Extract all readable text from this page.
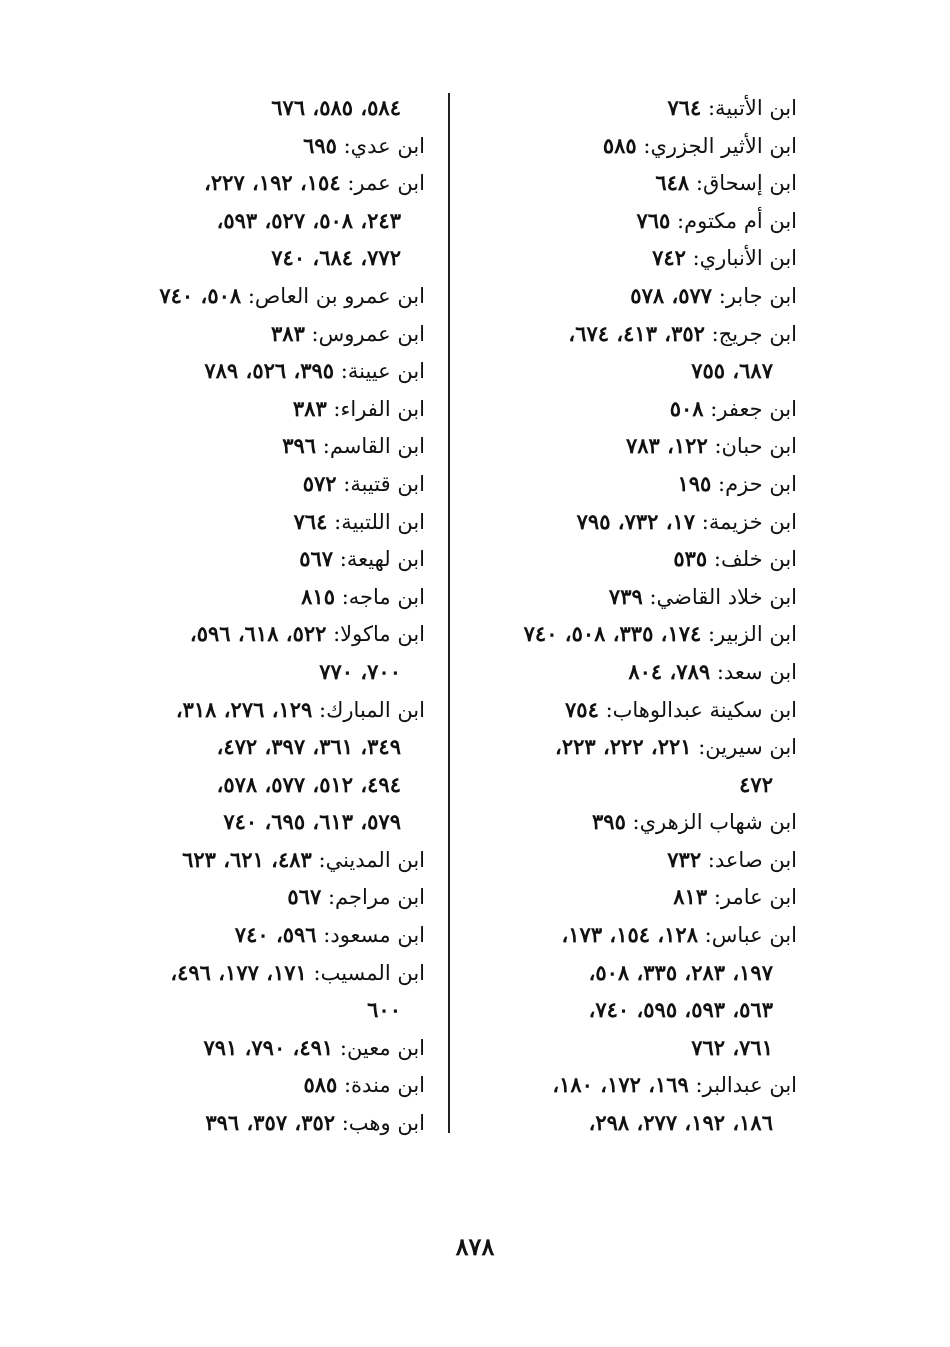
ابن الأتبية: ٧٦٤
ابن الأثير الجزري: ٥٨٥
ابن إسحاق: ٦٤٨
ابن أم مكتوم: ٧٦٥
ابن الأنباري: ٧٤٢
ابن جابر: ٥٧٧، ٥٧٨
ابن جريج: ٣٥٢، ٤١٣، ٦٧٤،
٦٨٧، ٧٥٥
ابن جعفر: ٥٠٨
ابن حبان: ١٢٢، ٧٨٣
ابن حزم: ١٩٥
ابن خزيمة: ١٧، ٧٣٢، ٧٩٥
ابن خلف: ٥٣٥
ابن خلاد القاضي: ٧٣٩
ابن الزبير: ١٧٤، ٣٣٥، ٥٠٨، ٧٤٠
ابن سعد: ٧٨٩، ٨٠٤
ابن سكينة عبدالوهاب: ٧٥٤
ابن سيرين: ٢٢١، ٢٢٢، ٢٢٣،
٤٧٢
ابن شهاب الزهري: ٣٩٥
ابن صاعد: ٧٣٢
ابن عامر: ٨١٣
ابن عباس: ١٢٨، ١٥٤، ١٧٣،
١٩٧، ٢٨٣، ٣٣٥، ٥٠٨،
٥٦٣، ٥٩٣، ٥٩٥، ٧٤٠،
٧٦١، ٧٦٢
ابن عبدالبر: ١٦٩، ١٧٢، ١٨٠،
١٨٦، ١٩٢، ٢٧٧، ٢٩٨،
٥٨٤، ٥٨٥، ٦٧٦
ابن عدي: ٦٩٥
ابن عمر: ١٥٤، ١٩٢، ٢٢٧،
٢٤٣، ٥٠٨، ٥٢٧، ٥٩٣،
٧٧٢، ٦٨٤، ٧٤٠
ابن عمرو بن العاص: ٥٠٨، ٧٤٠
ابن عمروس: ٣٨٣
ابن عيينة: ٣٩٥، ٥٢٦، ٧٨٩
ابن الفراء: ٣٨٣
ابن القاسم: ٣٩٦
ابن قتيبة: ٥٧٢
ابن اللتبية: ٧٦٤
ابن لهيعة: ٥٦٧
ابن ماجه: ٨١٥
ابن ماكولا: ٥٢٢، ٦١٨، ٥٩٦،
٧٠٠، ٧٧٠
ابن المبارك: ١٢٩، ٢٧٦، ٣١٨،
٣٤٩، ٣٦١، ٣٩٧، ٤٧٢،
٤٩٤، ٥١٢، ٥٧٧، ٥٧٨،
٥٧٩، ٦١٣، ٦٩٥، ٧٤٠
ابن المديني: ٤٨٣، ٦٢١، ٦٢٣
ابن مراجم: ٥٦٧
ابن مسعود: ٥٩٦، ٧٤٠
ابن المسيب: ١٧١، ١٧٧، ٤٩٦،
٦٠٠
ابن معين: ٤٩١، ٧٩٠، ٧٩١
ابن مندة: ٥٨٥
ابن وهب: ٣٥٢، ٣٥٧، ٣٩٦
٨٧٨
